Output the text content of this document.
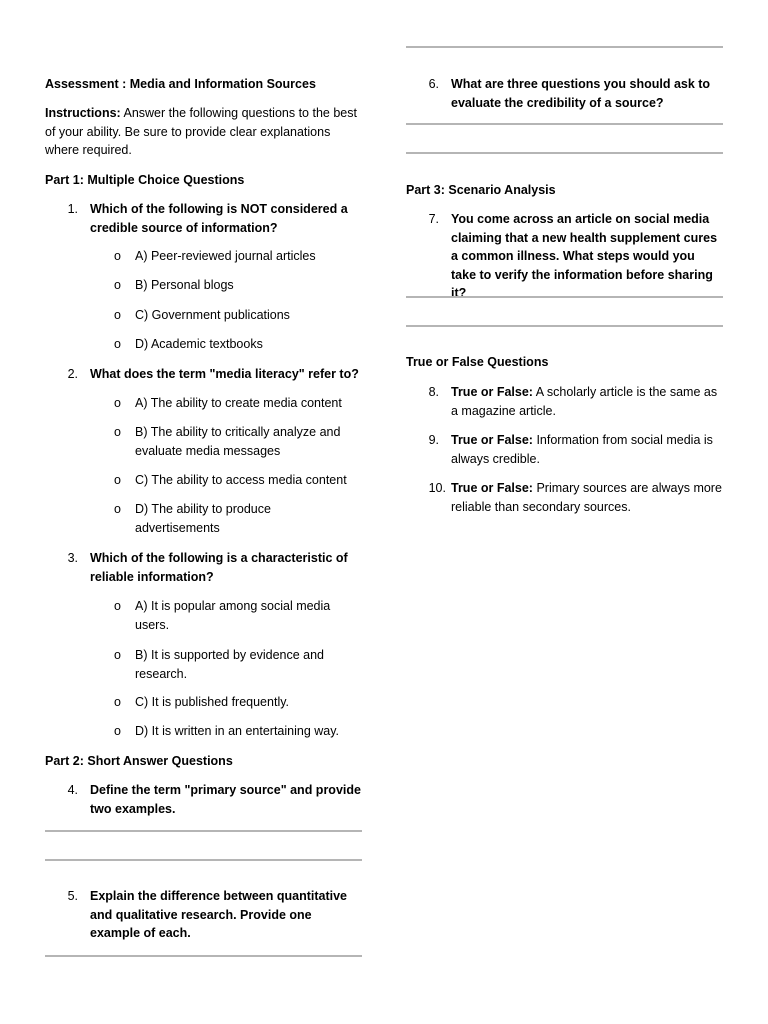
Assessment : Media and Information Sources
Instructions: Answer the following questions to the best of your ability. Be sure to provide clear explanations where required.
Part 1: Multiple Choice Questions
1. Which of the following is NOT considered a credible source of information?
o A) Peer-reviewed journal articles
o B) Personal blogs
o C) Government publications
o D) Academic textbooks
2. What does the term "media literacy" refer to?
o A) The ability to create media content
o B) The ability to critically analyze and evaluate media messages
o C) The ability to access media content
o D) The ability to produce advertisements
3. Which of the following is a characteristic of reliable information?
o A) It is popular among social media users.
o B) It is supported by evidence and research.
o C) It is published frequently.
o D) It is written in an entertaining way.
Part 2: Short Answer Questions
4. Define the term "primary source" and provide two examples.
5. Explain the difference between quantitative and qualitative research. Provide one example of each.
6. What are three questions you should ask to evaluate the credibility of a source?
Part 3: Scenario Analysis
7. You come across an article on social media claiming that a new health supplement cures a common illness. What steps would you take to verify the information before sharing it?
True or False Questions
8. True or False: A scholarly article is the same as a magazine article.
9. True or False: Information from social media is always credible.
10. True or False: Primary sources are always more reliable than secondary sources.
